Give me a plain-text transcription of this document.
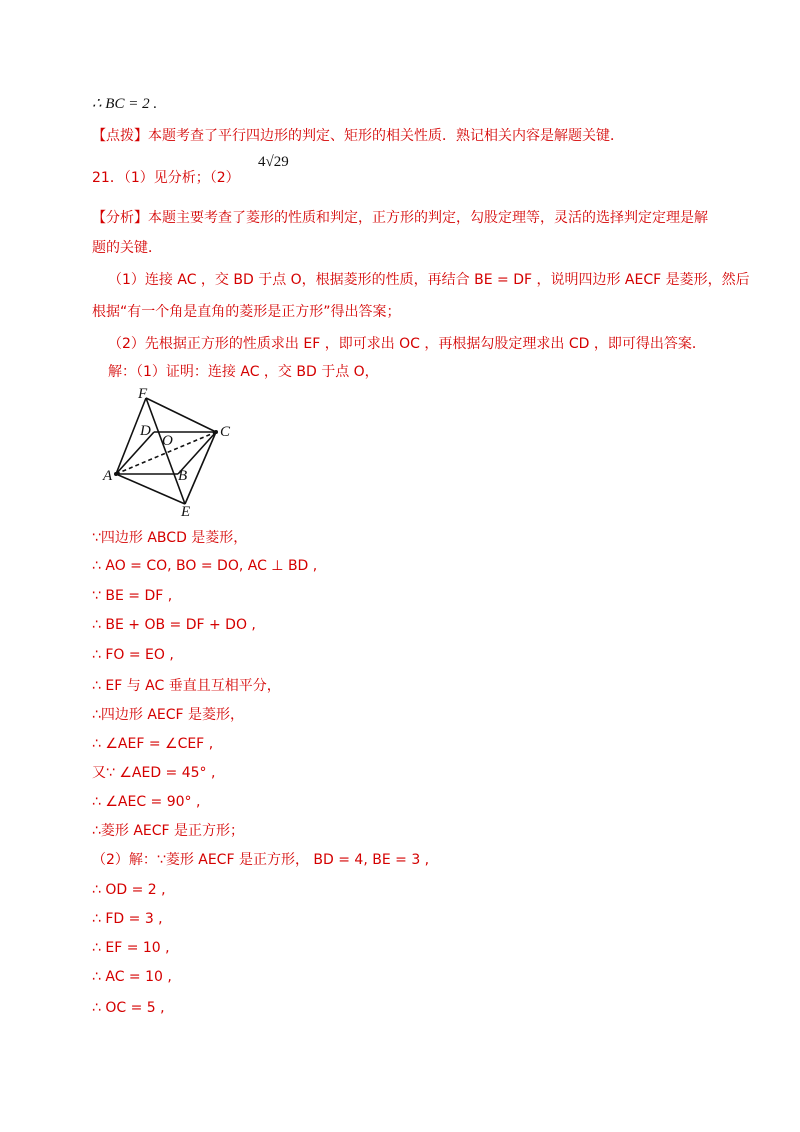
∴ BC = 2 .
【点拨】本题考查了平行四边形的判定、矩形的相关性质．熟记相关内容是解题关键．
21．（1）见分析；（2）
4√29
【分析】本题主要考查了菱形的性质和判定，正方形的判定，勾股定理等，灵活的选择判定定理是解
题的关键．
（1）连接 AC ，交 BD 于点 O，根据菱形的性质，再结合 BE = DF ，说明四边形 AECF 是菱形，然后
根据“有一个角是直角的菱形是正方形”得出答案；
（2）先根据正方形的性质求出 EF ，即可求出 OC ，再根据勾股定理求出 CD ，即可得出答案．
解：（1）证明：连接 AC ，交 BD 于点 O，
F
D
O
C
A	B
E
∵四边形 ABCD 是菱形，
∴ AO = CO, BO = DO, AC ⊥ BD ,
∵ BE = DF ,
∴ BE + OB = DF + DO ,
∴ FO = EO ,
∴ EF 与 AC 垂直且互相平分，
∴四边形 AECF 是菱形，
∴ ∠AEF = ∠CEF ,
又∵ ∠AED = 45° ,
∴ ∠AEC = 90° ,
∴菱形 AECF 是正方形；
（2）解：∵菱形 AECF 是正方形， BD = 4, BE = 3 ,
∴ OD = 2 ,
∴ FD = 3 ,
∴ EF = 10 ,
∴ AC = 10 ,
∴ OC = 5 ,
